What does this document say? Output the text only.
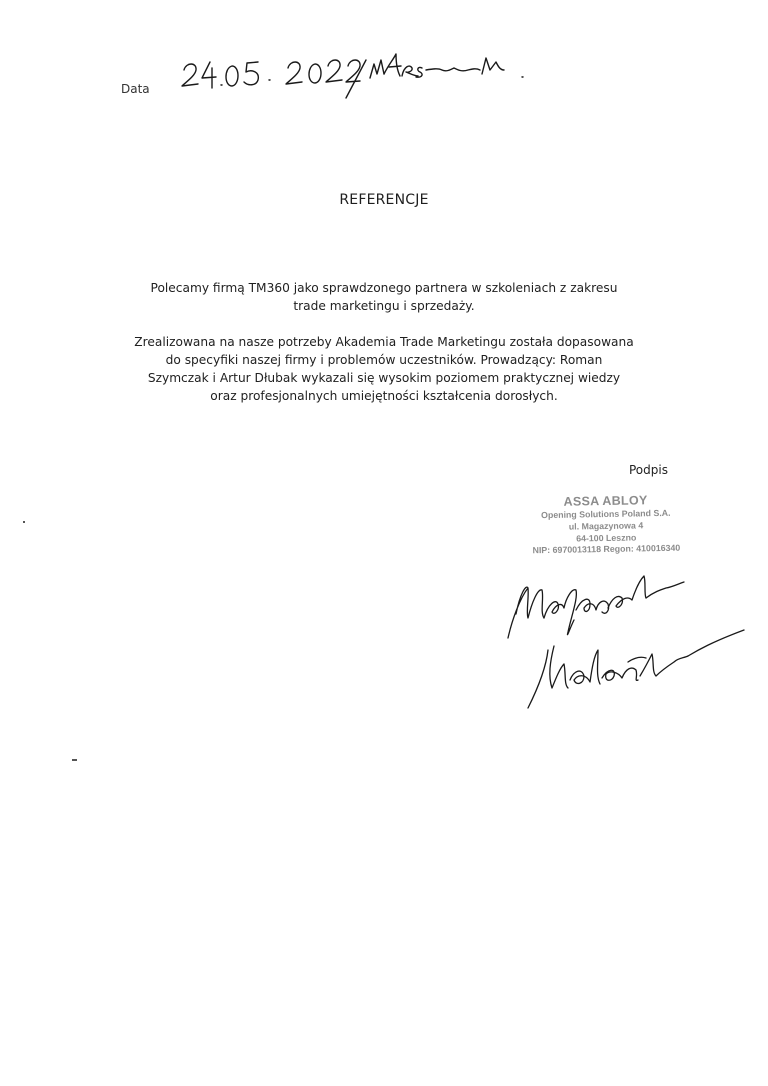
Data
REFERENCJE

Polecamy firmą TM360 jako sprawdzonego partnera w szkoleniach z zakresu trade marketingu i sprzedaży.

Zrealizowana na nasze potrzeby Akademia Trade Marketingu została dopasowana do specyfiki naszej firmy i problemów uczestników. Prowadzący: Roman Szymczak i Artur Dłubak wykazali się wysokim poziomem praktycznej wiedzy oraz profesjonalnych umiejętności kształcenia dorosłych.

Podpis
ASSA ABLOY
Opening Solutions Poland S.A.
ul. Magazynowa 4
64-100 Leszno
NIP: 6970013118 Regon: 410016340
